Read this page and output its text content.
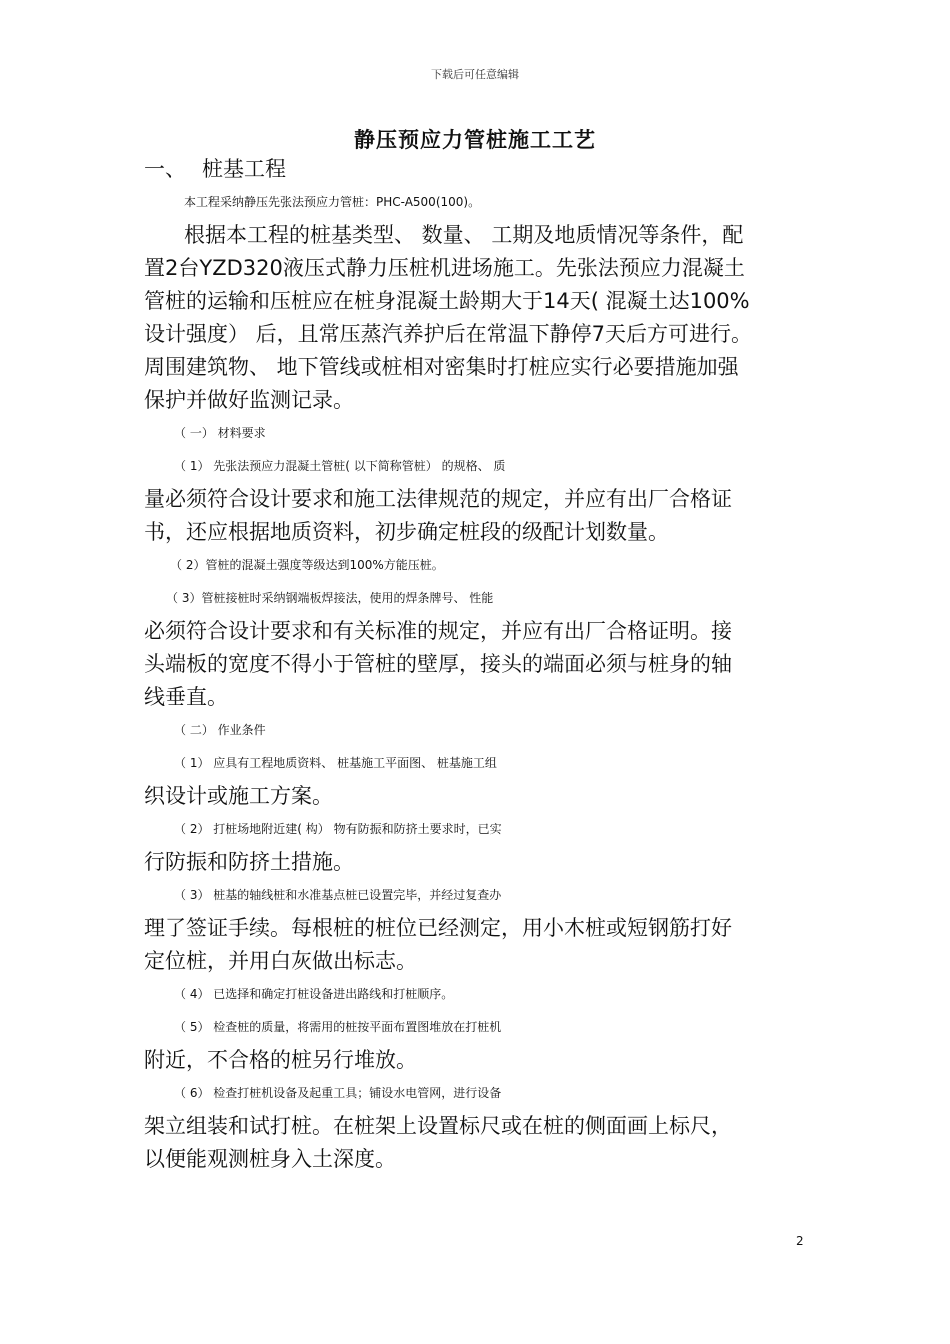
下载后可任意编辑
静压预应力管桩施工工艺
一、 桩基工程
本工程采纳静压先张法预应力管桩：PHC-A500(100)。
根据本工程的桩基类型、 数量、 工期及地质情况等条件，配
置2台YZD320液压式静力压桩机进场施工。先张法预应力混凝土
管桩的运输和压桩应在桩身混凝土龄期大于14天( 混凝土达100%
设计强度） 后，且常压蒸汽养护后在常温下静停7天后方可进行。
周围建筑物、 地下管线或桩相对密集时打桩应实行必要措施加强
保护并做好监测记录。
（ 一） 材料要求
（ 1） 先张法预应力混凝土管桩( 以下简称管桩） 的规格、 质
量必须符合设计要求和施工法律规范的规定，并应有出厂合格证
书，还应根据地质资料，初步确定桩段的级配计划数量。
（ 2）管桩的混凝土强度等级达到100%方能压桩。
（ 3）管桩接桩时采纳钢端板焊接法，使用的焊条牌号、 性能
必须符合设计要求和有关标准的规定，并应有出厂合格证明。接
头端板的宽度不得小于管桩的壁厚，接头的端面必须与桩身的轴
线垂直。
（ 二） 作业条件
（ 1） 应具有工程地质资料、 桩基施工平面图、 桩基施工组
织设计或施工方案。
（ 2） 打桩场地附近建( 构） 物有防振和防挤土要求时，已实
行防振和防挤土措施。
（ 3） 桩基的轴线桩和水准基点桩已设置完毕，并经过复查办
理了签证手续。每根桩的桩位已经测定，用小木桩或短钢筋打好
定位桩，并用白灰做出标志。
（ 4） 已选择和确定打桩设备进出路线和打桩顺序。
（ 5） 检查桩的质量，将需用的桩按平面布置图堆放在打桩机
附近，不合格的桩另行堆放。
（ 6） 检查打桩机设备及起重工具；铺设水电管网，进行设备
架立组装和试打桩。在桩架上设置标尺或在桩的侧面画上标尺，
以便能观测桩身入土深度。
2
